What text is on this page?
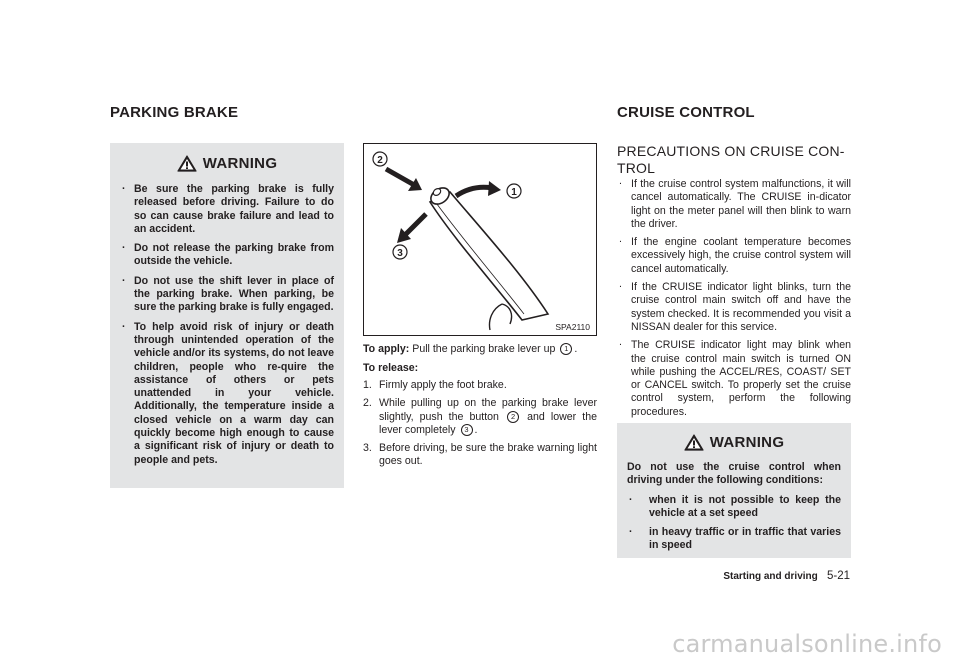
PARKING BRAKE
WARNING
. Be sure the parking brake is fully released before driving. Failure to do so can cause brake failure and lead to an accident.
. Do not release the parking brake from outside the vehicle.
. Do not use the shift lever in place of the parking brake. When parking, be sure the parking brake is fully engaged.
. To help avoid risk of injury or death through unintended operation of the vehicle and/or its systems, do not leave children, people who re-quire the assistance of others or pets unattended in your vehicle. Additionally, the temperature inside a closed vehicle on a warm day can quickly become high enough to cause a significant risk of injury or death to people and pets.
2
1
3
SPA2110
To apply: Pull the parking brake lever up 1 .
To release:
1. Firmly apply the foot brake.
2. While pulling up on the parking brake lever slightly, push the button 2 and lower the lever completely 3 .
3. Before driving, be sure the brake warning light goes out.
CRUISE CONTROL
PRECAUTIONS ON CRUISE CON-TROL
. If the cruise control system malfunctions, it will cancel automatically. The CRUISE in-dicator light on the meter panel will then blink to warn the driver.
. If the engine coolant temperature becomes excessively high, the cruise control system will cancel automatically.
. If the CRUISE indicator light blinks, turn the cruise control main switch off and have the system checked. It is recommended you visit a NISSAN dealer for this service.
. The CRUISE indicator light may blink when the cruise control main switch is turned ON while pushing the ACCEL/RES, COAST/ SET or CANCEL switch. To properly set the cruise control system, perform the following procedures.
WARNING
Do not use the cruise control when driving under the following conditions:
. when it is not possible to keep the vehicle at a set speed
. in heavy traffic or in traffic that varies in speed
Starting and driving 5-21
carmanualsonline.info
